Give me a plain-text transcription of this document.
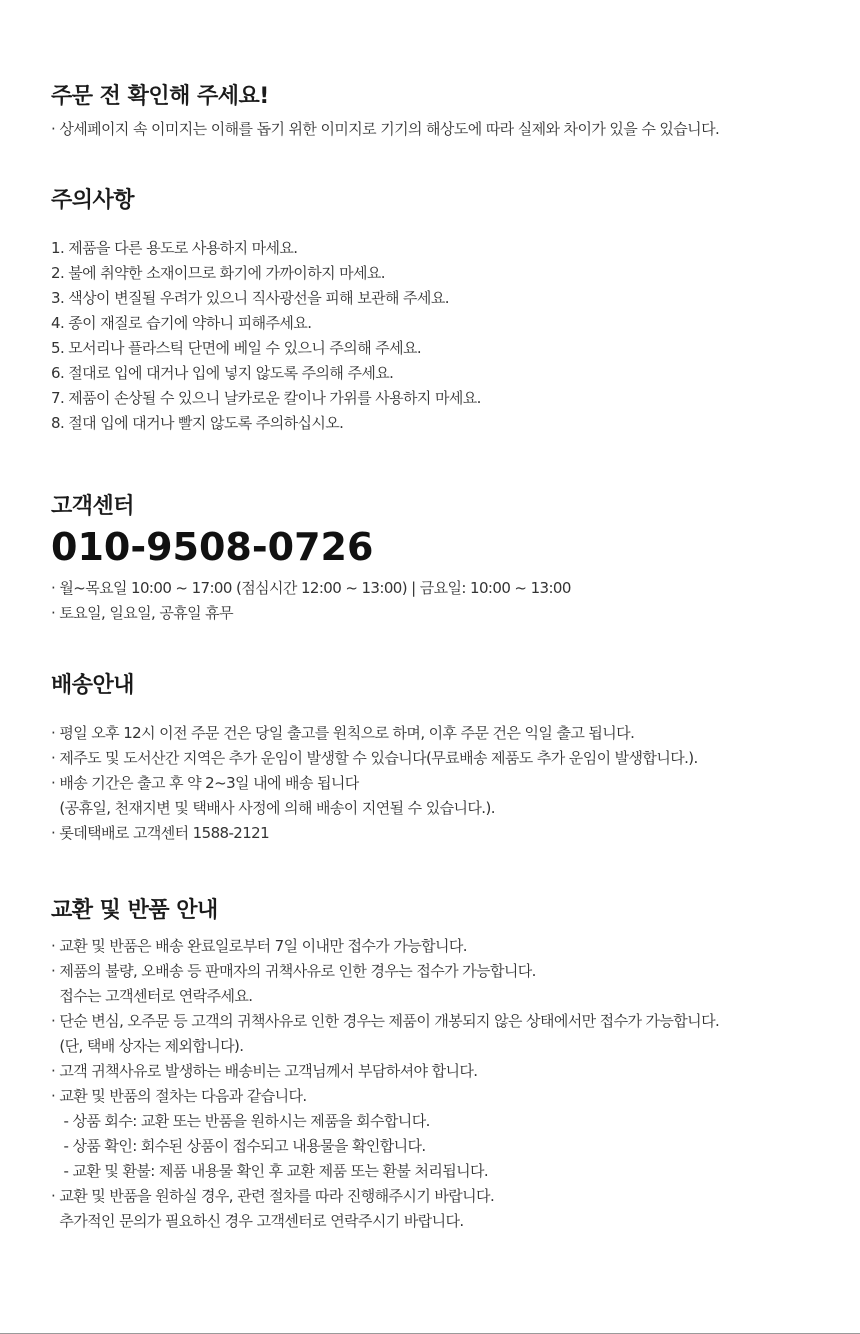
주문 전 확인해 주세요!
· 상세페이지 속 이미지는 이해를 돕기 위한 이미지로 기기의 해상도에 따라 실제와 차이가 있을 수 있습니다.
주의사항
1. 제품을 다른 용도로 사용하지 마세요.
2. 불에 취약한 소재이므로 화기에 가까이하지 마세요.
3. 색상이 변질될 우려가 있으니 직사광선을 피해 보관해 주세요.
4. 종이 재질로 습기에 약하니 피해주세요.
5. 모서리나 플라스틱 단면에 베일 수 있으니 주의해 주세요.
6. 절대로 입에 대거나 입에 넣지 않도록 주의해 주세요.
7. 제품이 손상될 수 있으니 날카로운 칼이나 가위를 사용하지 마세요.
8. 절대 입에 대거나 빨지 않도록 주의하십시오.
고객센터

010-9508-0726

· 월~목요일 10:00 ~ 17:00 (점심시간 12:00 ~ 13:00) | 금요일: 10:00 ~ 13:00
· 토요일, 일요일, 공휴일 휴무
배송안내
· 평일 오후 12시 이전 주문 건은 당일 출고를 원칙으로 하며, 이후 주문 건은 익일 출고 됩니다.
· 제주도 및 도서산간 지역은 추가 운임이 발생할 수 있습니다(무료배송 제품도 추가 운임이 발생합니다.).
· 배송 기간은 출고 후 약 2~3일 내에 배송 됩니다
(공휴일, 천재지변 및 택배사 사정에 의해 배송이 지연될 수 있습니다.).
· 롯데택배로 고객센터 1588-2121
교환 및 반품 안내
· 교환 및 반품은 배송 완료일로부터 7일 이내만 접수가 가능합니다.
· 제품의 불량, 오배송 등 판매자의 귀책사유로 인한 경우는 접수가 가능합니다.
접수는 고객센터로 연락주세요.
· 단순 변심, 오주문 등 고객의 귀책사유로 인한 경우는 제품이 개봉되지 않은 상태에서만 접수가 가능합니다.
(단, 택배 상자는 제외합니다).
· 고객 귀책사유로 발생하는 배송비는 고객님께서 부담하셔야 합니다.
· 교환 및 반품의 절차는 다음과 같습니다.
- 상품 회수: 교환 또는 반품을 원하시는 제품을 회수합니다.
- 상품 확인: 회수된 상품이 접수되고 내용물을 확인합니다.
- 교환 및 환불: 제품 내용물 확인 후 교환 제품 또는 환불 처리됩니다.
· 교환 및 반품을 원하실 경우, 관련 절차를 따라 진행해주시기 바랍니다.
추가적인 문의가 필요하신 경우 고객센터로 연락주시기 바랍니다.
